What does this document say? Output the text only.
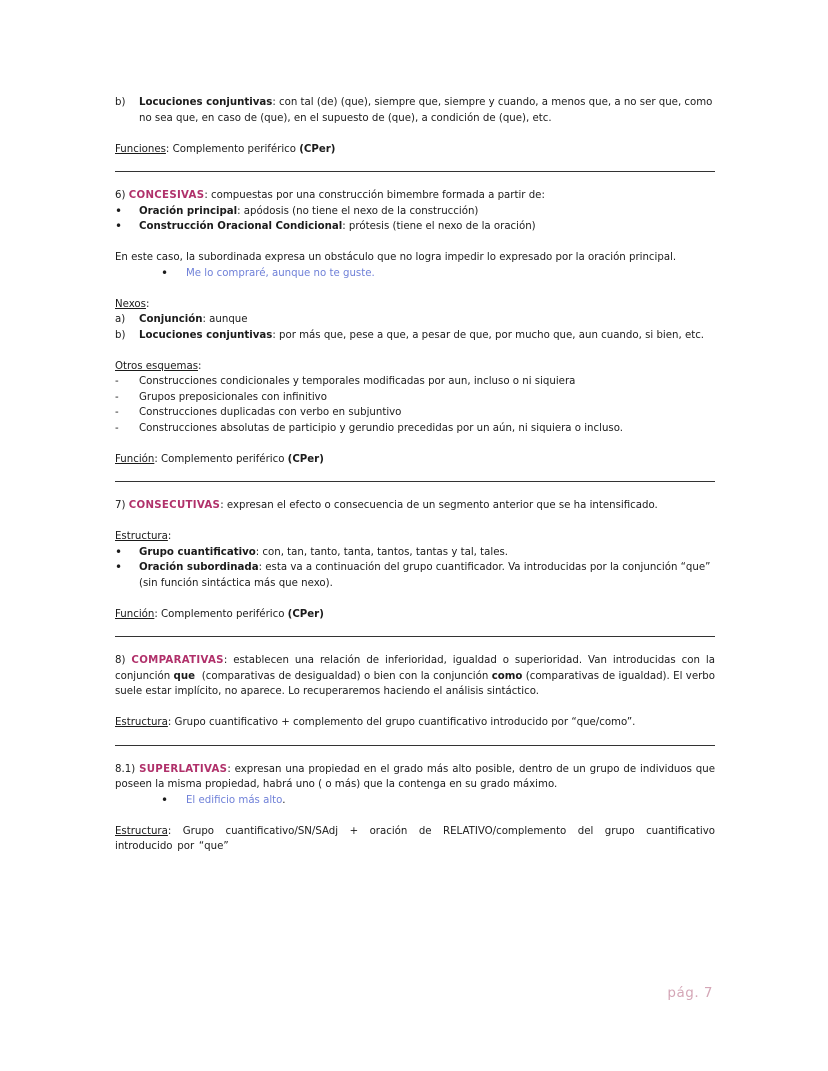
b)	Locuciones conjuntivas: con tal (de) (que), siempre que, siempre y cuando, a menos que, a no ser que, como
no sea que, en caso de (que), en el supuesto de (que), a condición de (que), etc.

Funciones: Complemento periférico (CPer)

6) CONCESIVAS: compuestas por una construcción bimembre formada a partir de:

•	Oración principal: apódosis (no tiene el nexo de la construcción)

•	Construcción Oracional Condicional: prótesis (tiene el nexo de la oración)

En este caso, la subordinada expresa un obstáculo que no logra impedir lo expresado por la oración principal.

•	Me lo compraré, aunque no te guste.

Nexos:

a)	Conjunción: aunque

b)	Locuciones conjuntivas: por más que, pese a que, a pesar de que, por mucho que, aun cuando, si bien, etc.

Otros esquemas:

-	Construcciones condicionales y temporales modificadas por aun, incluso o ni siquiera

-	Grupos preposicionales con infinitivo

-	Construcciones duplicadas con verbo en subjuntivo

-	Construcciones absolutas de participio y gerundio precedidas por un aún, ni siquiera o incluso.

Función: Complemento periférico (CPer)

7) CONSECUTIVAS: expresan el efecto o consecuencia de un segmento anterior que se ha intensificado.

Estructura:

•	Grupo cuantificativo: con, tan, tanto, tanta, tantos, tantas y tal, tales.

•	Oración subordinada: esta va a continuación del grupo cuantificador. Va introducidas por la conjunción “que”
(sin función sintáctica más que nexo).

Función: Complemento periférico (CPer)

8) COMPARATIVAS: establecen una relación de inferioridad, igualdad o superioridad. Van introducidas con la conjunción que  (comparativas de desigualdad) o bien con la conjunción como (comparativas de igualdad). El verbo suele estar implícito, no aparece. Lo recuperaremos haciendo el análisis sintáctico.

Estructura: Grupo cuantificativo + complemento del grupo cuantificativo introducido por “que/como”.

8.1) SUPERLATIVAS: expresan una propiedad en el grado más alto posible, dentro de un grupo de individuos que poseen la misma propiedad, habrá uno ( o más) que la contenga en su grado máximo.

•	El edificio más alto.

Estructura: Grupo cuantificativo/SN/SAdj + oración de RELATIVO/complemento del grupo cuantificativo introducido por “que”

pág. 7
